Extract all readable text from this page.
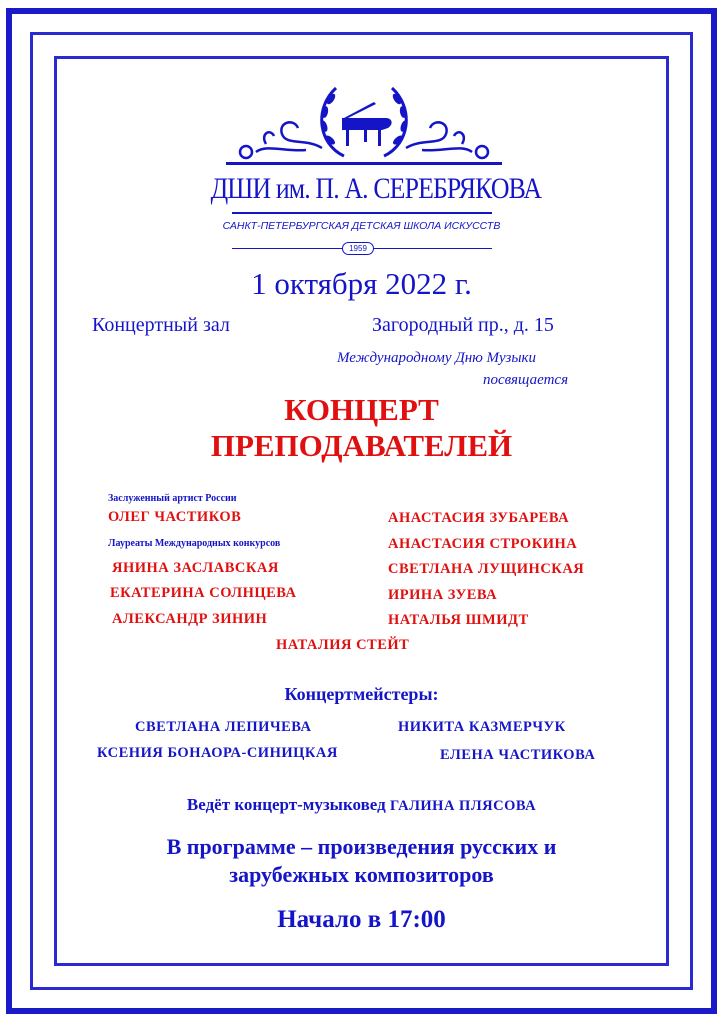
ДШИ им. П. А. СЕРЕБРЯКОВА
САНКТ-ПЕТЕРБУРГСКАЯ ДЕТСКАЯ ШКОЛА ИСКУССТВ
1959
1 октября 2022 г.
Концертный зал	Загородный пр., д. 15
Международному Дню Музыки
посвящается
КОНЦЕРТ
ПРЕПОДАВАТЕЛЕЙ
Заслуженный артист России
ОЛЕГ ЧАСТИКОВ
Лауреаты Международных конкурсов
ЯНИНА ЗАСЛАВСКАЯ
ЕКАТЕРИНА СОЛНЦЕВА
АЛЕКСАНДР ЗИНИН
АНАСТАСИЯ ЗУБАРЕВА
АНАСТАСИЯ СТРОКИНА
СВЕТЛАНА ЛУЩИНСКАЯ
ИРИНА ЗУЕВА
НАТАЛЬЯ ШМИДТ
НАТАЛИЯ СТЕЙТ
Концертмейстеры:
СВЕТЛАНА ЛЕПИЧЕВА	НИКИТА КАЗМЕРЧУК
КСЕНИЯ БОНАОРА-СИНИЦКАЯ	ЕЛЕНА ЧАСТИКОВА
Ведёт концерт-музыковед ГАЛИНА ПЛЯСОВА
В программе – произведения русских и
зарубежных композиторов
Начало в 17:00
